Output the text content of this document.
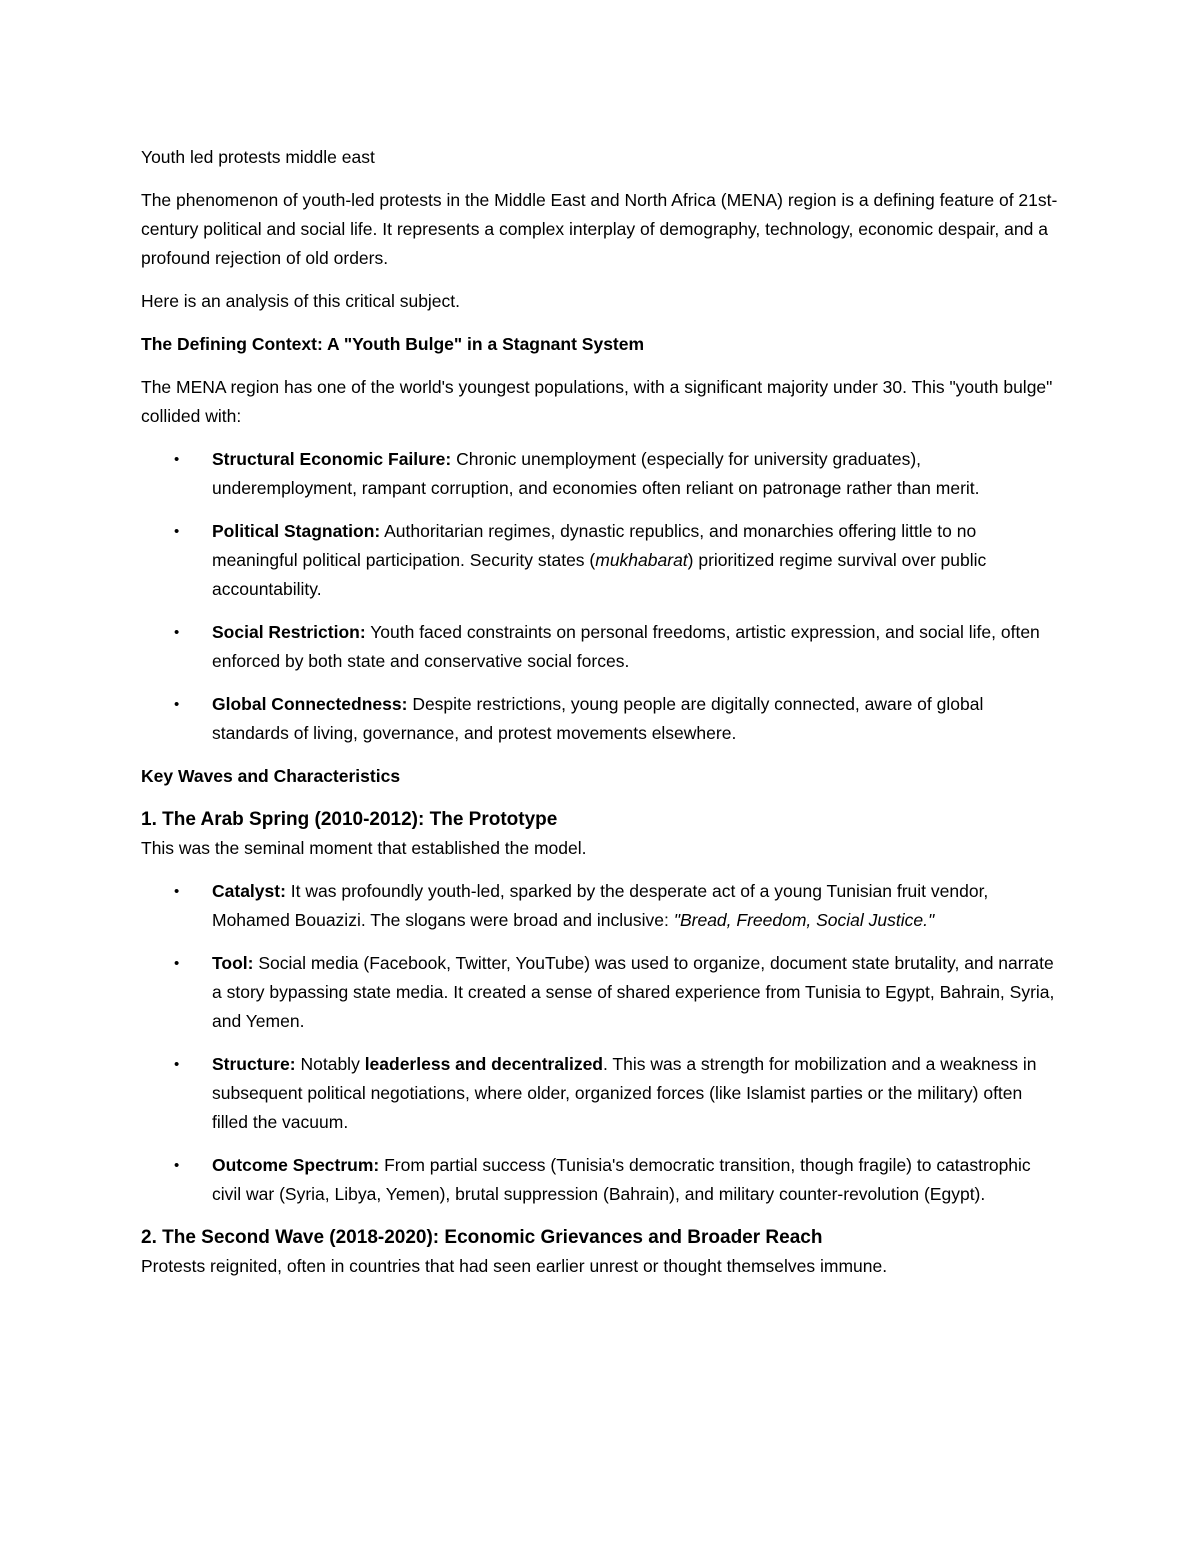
Youth led protests middle east

The phenomenon of youth-led protests in the Middle East and North Africa (MENA) region is a defining feature of 21st-century political and social life. It represents a complex interplay of demography, technology, economic despair, and a profound rejection of old orders.

Here is an analysis of this critical subject.

The Defining Context: A "Youth Bulge" in a Stagnant System

The MENA region has one of the world's youngest populations, with a significant majority under 30. This "youth bulge" collided with:

• Structural Economic Failure: Chronic unemployment (especially for university graduates), underemployment, rampant corruption, and economies often reliant on patronage rather than merit.
• Political Stagnation: Authoritarian regimes, dynastic republics, and monarchies offering little to no meaningful political participation. Security states (mukhabarat) prioritized regime survival over public accountability.
• Social Restriction: Youth faced constraints on personal freedoms, artistic expression, and social life, often enforced by both state and conservative social forces.
• Global Connectedness: Despite restrictions, young people are digitally connected, aware of global standards of living, governance, and protest movements elsewhere.

Key Waves and Characteristics

1. The Arab Spring (2010-2012): The Prototype

This was the seminal moment that established the model.

• Catalyst: It was profoundly youth-led, sparked by the desperate act of a young Tunisian fruit vendor, Mohamed Bouazizi. The slogans were broad and inclusive: "Bread, Freedom, Social Justice."
• Tool: Social media (Facebook, Twitter, YouTube) was used to organize, document state brutality, and narrate a story bypassing state media. It created a sense of shared experience from Tunisia to Egypt, Bahrain, Syria, and Yemen.
• Structure: Notably leaderless and decentralized. This was a strength for mobilization and a weakness in subsequent political negotiations, where older, organized forces (like Islamist parties or the military) often filled the vacuum.
• Outcome Spectrum: From partial success (Tunisia's democratic transition, though fragile) to catastrophic civil war (Syria, Libya, Yemen), brutal suppression (Bahrain), and military counter-revolution (Egypt).

2. The Second Wave (2018-2020): Economic Grievances and Broader Reach

Protests reignited, often in countries that had seen earlier unrest or thought themselves immune.
